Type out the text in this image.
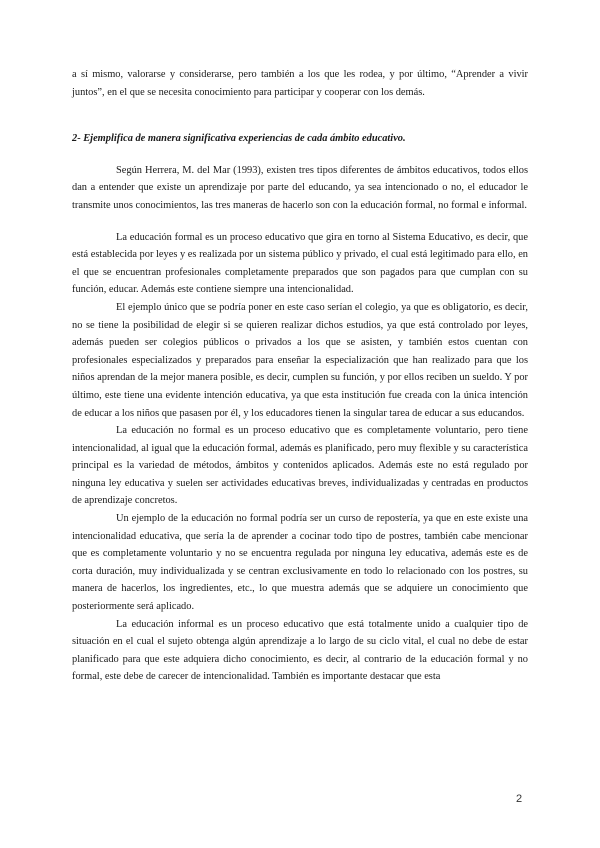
a sí mismo, valorarse y considerarse, pero también a los que les rodea, y por último, “Aprender a vivir juntos”, en el que se necesita conocimiento para participar y cooperar con los demás.

2- Ejemplifica de manera significativa experiencias de cada ámbito educativo.

Según Herrera, M. del Mar (1993), existen tres tipos diferentes de ámbitos educativos, todos ellos dan a entender que existe un aprendizaje por parte del educando, ya sea intencionado o no, el educador le transmite unos conocimientos, las tres maneras de hacerlo son con la educación formal, no formal e informal.

La educación formal es un proceso educativo que gira en torno al Sistema Educativo, es decir, que está establecida por leyes y es realizada por un sistema público y privado, el cual está legitimado para ello, en el que se encuentran profesionales completamente preparados que son pagados para que cumplan con su función, educar. Además este contiene siempre una intencionalidad.

El ejemplo único que se podría poner en este caso serían el colegio, ya que es obligatorio, es decir, no se tiene la posibilidad de elegir si se quieren realizar dichos estudios, ya que está controlado por leyes, además pueden ser colegios públicos o privados a los que se asisten, y también estos cuentan con profesionales especializados y preparados para enseñar la especialización que han realizado para que los niños aprendan de la mejor manera posible, es decir, cumplen su función, y por ellos reciben un sueldo. Y por último, este tiene una evidente intención educativa, ya que esta institución fue creada con la única intención de educar a los niños que pasasen por él, y los educadores tienen la singular tarea de educar a sus educandos.

La educación no formal es un proceso educativo que es completamente voluntario, pero tiene intencionalidad, al igual que la educación formal, además es planificado, pero muy flexible y su característica principal es la variedad de métodos, ámbitos y contenidos aplicados. Además este no está regulado por ninguna ley educativa y suelen ser actividades educativas breves, individualizadas y centradas en productos de aprendizaje concretos.

Un ejemplo de la educación no formal podría ser un curso de repostería, ya que en este existe una intencionalidad educativa, que sería la de aprender a cocinar todo tipo de postres, también cabe mencionar que es completamente voluntario y no se encuentra regulada por ninguna ley educativa, además este es de corta duración, muy individualizada y se centran exclusivamente en todo lo relacionado con los postres, su manera de hacerlos, los ingredientes, etc., lo que muestra además que se adquiere un conocimiento que posteriormente será aplicado.

La educación informal es un proceso educativo que está totalmente unido a cualquier tipo de situación en el cual el sujeto obtenga algún aprendizaje a lo largo de su ciclo vital, el cual no debe de estar planificado para que este adquiera dicho conocimiento, es decir, al contrario de la educación formal y no formal, este debe de carecer de intencionalidad. También es importante destacar que esta

2
